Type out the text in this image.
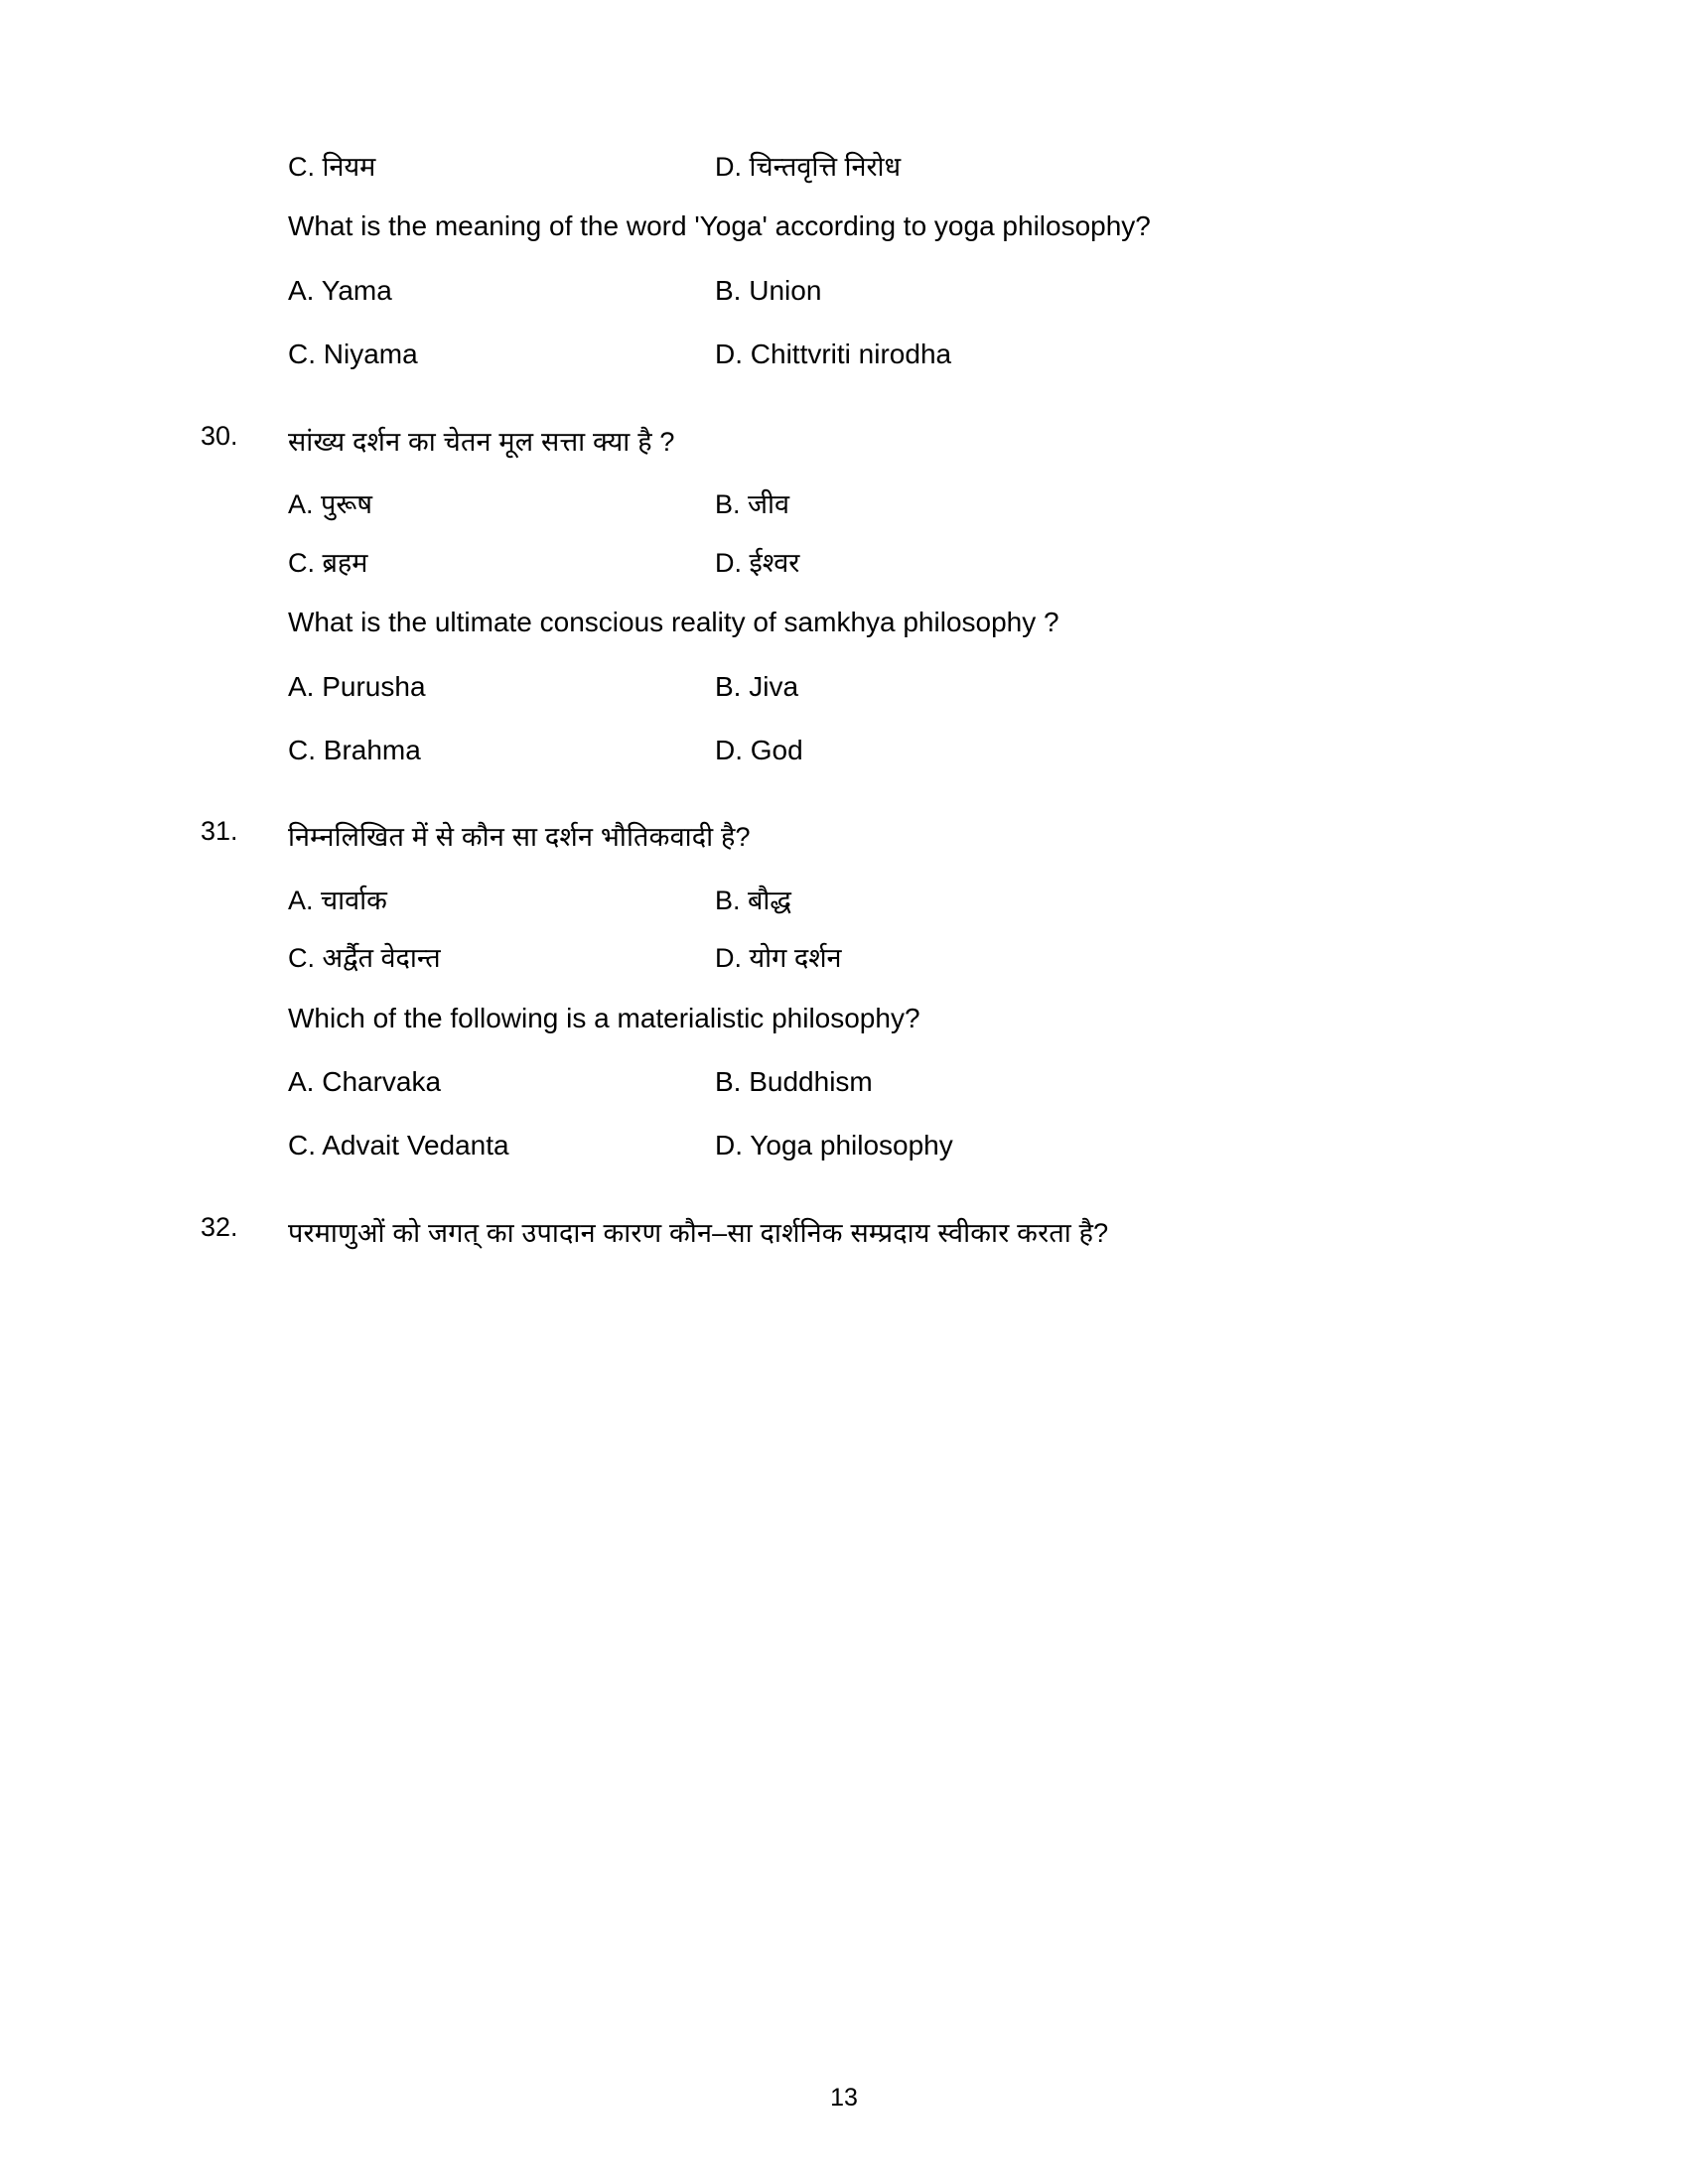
C. नियम	D. चिन्तवृत्ति निरोध
What is the meaning of the word 'Yoga' according to yoga philosophy?
A. Yama	B. Union
C. Niyama	D. Chittvriti nirodha
30. सांख्य दर्शन का चेतन मूल सत्ता क्या है ?
A. पुरूष	B. जीव
C. ब्रहम	D. ईश्वर
What is the ultimate conscious reality of samkhya philosophy ?
A. Purusha	B. Jiva
C. Brahma	D. God
31. निम्नलिखित में से कौन सा दर्शन भौतिकवादी है?
A. चार्वाक	B. बौद्ध
C. अर्द्वैत वेदान्त	D. योग दर्शन
Which of the following is a materialistic philosophy?
A. Charvaka	B. Buddhism
C. Advait Vedanta	D. Yoga philosophy
32. परमाणुओं को जगत् का उपादान कारण कौन–सा दार्शनिक सम्प्रदाय स्वीकार करता है?
13
